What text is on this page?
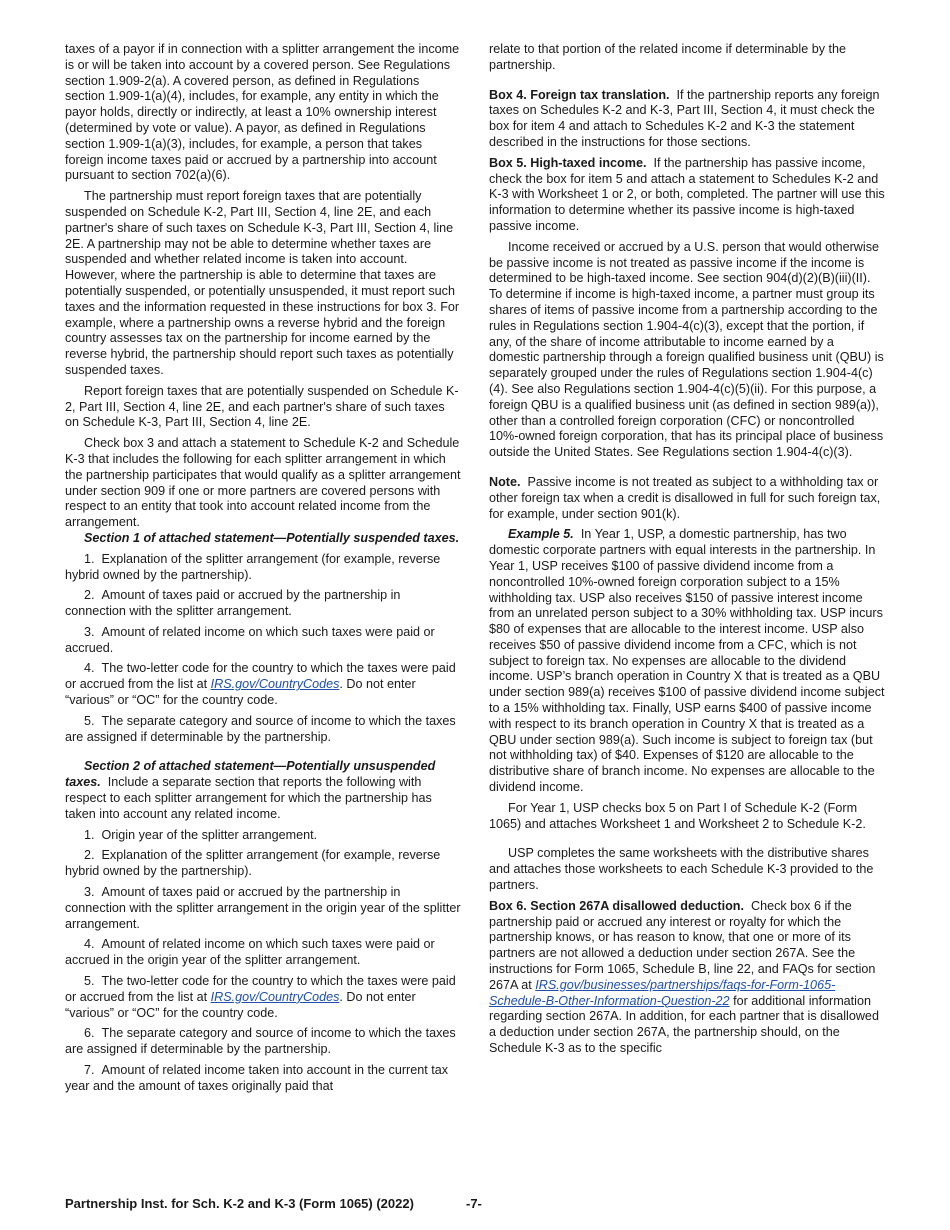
taxes of a payor if in connection with a splitter arrangement the income is or will be taken into account by a covered person. See Regulations section 1.909-2(a). A covered person, as defined in Regulations section 1.909-1(a)(4), includes, for example, any entity in which the payor holds, directly or indirectly, at least a 10% ownership interest (determined by vote or value). A payor, as defined in Regulations section 1.909-1(a)(3), includes, for example, a person that takes foreign income taxes paid or accrued by a partnership into account pursuant to section 702(a)(6).

The partnership must report foreign taxes that are potentially suspended on Schedule K-2, Part III, Section 4, line 2E, and each partner's share of such taxes on Schedule K-3, Part III, Section 4, line 2E. A partnership may not be able to determine whether taxes are suspended and whether related income is taken into account. However, where the partnership is able to determine that taxes are potentially suspended, or potentially unsuspended, it must report such taxes and the information requested in these instructions for box 3. For example, where a partnership owns a reverse hybrid and the foreign country assesses tax on the partnership for income earned by the reverse hybrid, the partnership should report such taxes as potentially suspended taxes.

Report foreign taxes that are potentially suspended on Schedule K-2, Part III, Section 4, line 2E, and each partner's share of such taxes on Schedule K-3, Part III, Section 4, line 2E.

Check box 3 and attach a statement to Schedule K-2 and Schedule K-3 that includes the following for each splitter arrangement in which the partnership participates that would qualify as a splitter arrangement under section 909 if one or more partners are covered persons with respect to an entity that took into account related income from the arrangement.

Section 1 of attached statement—Potentially suspended taxes.

1.  Explanation of the splitter arrangement (for example, reverse hybrid owned by the partnership).

2.  Amount of taxes paid or accrued by the partnership in connection with the splitter arrangement.

3.  Amount of related income on which such taxes were paid or accrued.

4.  The two-letter code for the country to which the taxes were paid or accrued from the list at IRS.gov/CountryCodes. Do not enter “various” or “OC” for the country code.

5.  The separate category and source of income to which the taxes are assigned if determinable by the partnership.

Section 2 of attached statement—Potentially unsuspended taxes. Include a separate section that reports the following with respect to each splitter arrangement for which the partnership has taken into account any related income.

1.  Origin year of the splitter arrangement.

2.  Explanation of the splitter arrangement (for example, reverse hybrid owned by the partnership).

3.  Amount of taxes paid or accrued by the partnership in connection with the splitter arrangement in the origin year of the splitter arrangement.

4.  Amount of related income on which such taxes were paid or accrued in the origin year of the splitter arrangement.

5.  The two-letter code for the country to which the taxes were paid or accrued from the list at IRS.gov/CountryCodes. Do not enter “various” or “OC” for the country code.

6.  The separate category and source of income to which the taxes are assigned if determinable by the partnership.

7.  Amount of related income taken into account in the current tax year and the amount of taxes originally paid that

relate to that portion of the related income if determinable by the partnership.

Box 4. Foreign tax translation. If the partnership reports any foreign taxes on Schedules K-2 and K-3, Part III, Section 4, it must check the box for item 4 and attach to Schedules K-2 and K-3 the statement described in the instructions for those sections.

Box 5. High-taxed income. If the partnership has passive income, check the box for item 5 and attach a statement to Schedules K-2 and K-3 with Worksheet 1 or 2, or both, completed. The partner will use this information to determine whether its passive income is high-taxed passive income.

Income received or accrued by a U.S. person that would otherwise be passive income is not treated as passive income if the income is determined to be high-taxed income. See section 904(d)(2)(B)(iii)(II). To determine if income is high-taxed income, a partner must group its shares of items of passive income from a partnership according to the rules in Regulations section 1.904-4(c)(3), except that the portion, if any, of the share of income attributable to income earned by a domestic partnership through a foreign qualified business unit (QBU) is separately grouped under the rules of Regulations section 1.904-4(c)(4). See also Regulations section 1.904-4(c)(5)(ii). For this purpose, a foreign QBU is a qualified business unit (as defined in section 989(a)), other than a controlled foreign corporation (CFC) or noncontrolled 10%-owned foreign corporation, that has its principal place of business outside the United States. See Regulations section 1.904-4(c)(3).

Note. Passive income is not treated as subject to a withholding tax or other foreign tax when a credit is disallowed in full for such foreign tax, for example, under section 901(k).

Example 5. In Year 1, USP, a domestic partnership, has two domestic corporate partners with equal interests in the partnership. In Year 1, USP receives $100 of passive dividend income from a noncontrolled 10%-owned foreign corporation subject to a 15% withholding tax. USP also receives $150 of passive interest income from an unrelated person subject to a 30% withholding tax. USP incurs $80 of expenses that are allocable to the interest income. USP also receives $50 of passive dividend income from a CFC, which is not subject to foreign tax. No expenses are allocable to the dividend income. USP’s branch operation in Country X that is treated as a QBU under section 989(a) receives $100 of passive dividend income subject to a 15% withholding tax. Finally, USP earns $400 of passive income with respect to its branch operation in Country X that is treated as a QBU under section 989(a). Such income is subject to foreign tax (but not withholding tax) of $40. Expenses of $120 are allocable to the distributive share of branch income. No expenses are allocable to the dividend income.

For Year 1, USP checks box 5 on Part I of Schedule K-2 (Form 1065) and attaches Worksheet 1 and Worksheet 2 to Schedule K-2.

USP completes the same worksheets with the distributive shares and attaches those worksheets to each Schedule K-3 provided to the partners.

Box 6. Section 267A disallowed deduction. Check box 6 if the partnership paid or accrued any interest or royalty for which the partnership knows, or has reason to know, that one or more of its partners are not allowed a deduction under section 267A. See the instructions for Form 1065, Schedule B, line 22, and FAQs for section 267A at IRS.gov/businesses/partnerships/faqs-for-Form-1065-Schedule-B-Other-Information-Question-22 for additional information regarding section 267A. In addition, for each partner that is disallowed a deduction under section 267A, the partnership should, on the Schedule K-3 as to the specific

Partnership Inst. for Sch. K-2 and K-3 (Form 1065) (2022)	-7-
